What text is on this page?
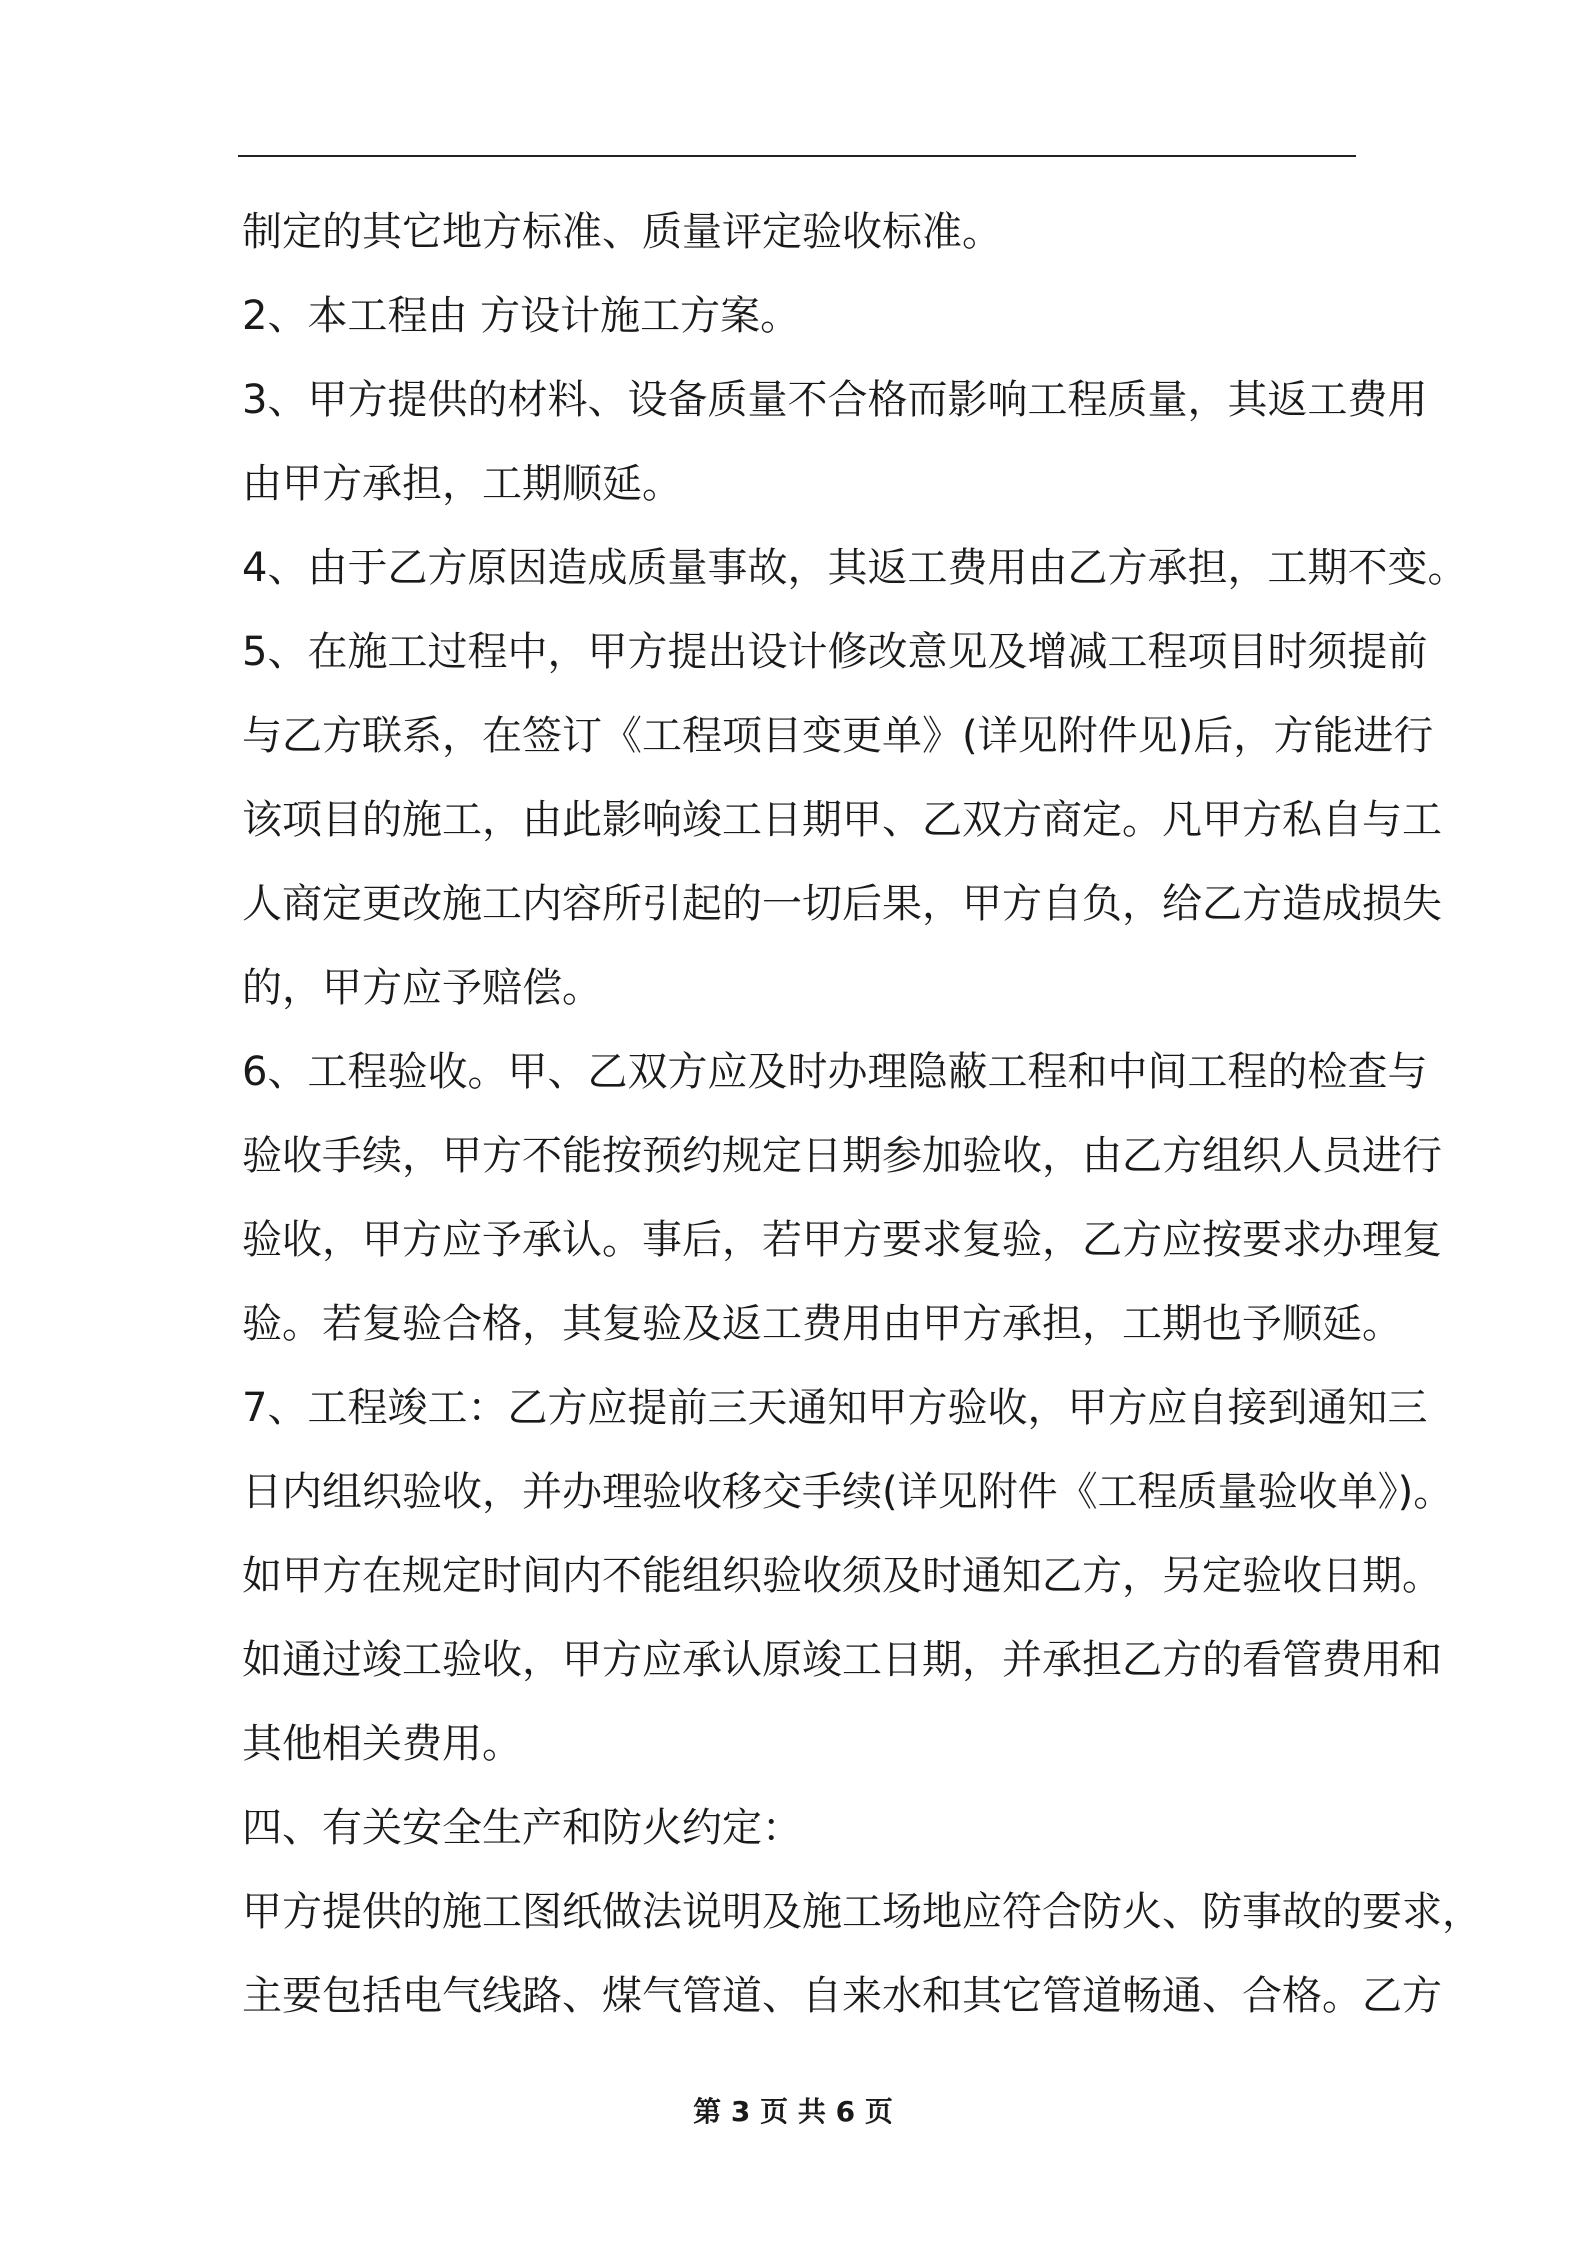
制定的其它地方标准、质量评定验收标准。
2、本工程由 方设计施工方案。
3、甲方提供的材料、设备质量不合格而影响工程质量，其返工费用
由甲方承担，工期顺延。
4、由于乙方原因造成质量事故，其返工费用由乙方承担，工期不变。
5、在施工过程中，甲方提出设计修改意见及增减工程项目时须提前
与乙方联系，在签订《工程项目变更单》(详见附件见)后，方能进行
该项目的施工，由此影响竣工日期甲、乙双方商定。凡甲方私自与工
人商定更改施工内容所引起的一切后果，甲方自负，给乙方造成损失
的，甲方应予赔偿。
6、工程验收。甲、乙双方应及时办理隐蔽工程和中间工程的检查与
验收手续，甲方不能按预约规定日期参加验收，由乙方组织人员进行
验收，甲方应予承认。事后，若甲方要求复验，乙方应按要求办理复
验。若复验合格，其复验及返工费用由甲方承担，工期也予顺延。
7、工程竣工：乙方应提前三天通知甲方验收，甲方应自接到通知三
日内组织验收，并办理验收移交手续(详见附件《工程质量验收单》)。
如甲方在规定时间内不能组织验收须及时通知乙方，另定验收日期。
如通过竣工验收，甲方应承认原竣工日期，并承担乙方的看管费用和
其他相关费用。
四、有关安全生产和防火约定：
甲方提供的施工图纸做法说明及施工场地应符合防火、防事故的要求，
主要包括电气线路、煤气管道、自来水和其它管道畅通、合格。乙方
第 3 页 共 6 页
